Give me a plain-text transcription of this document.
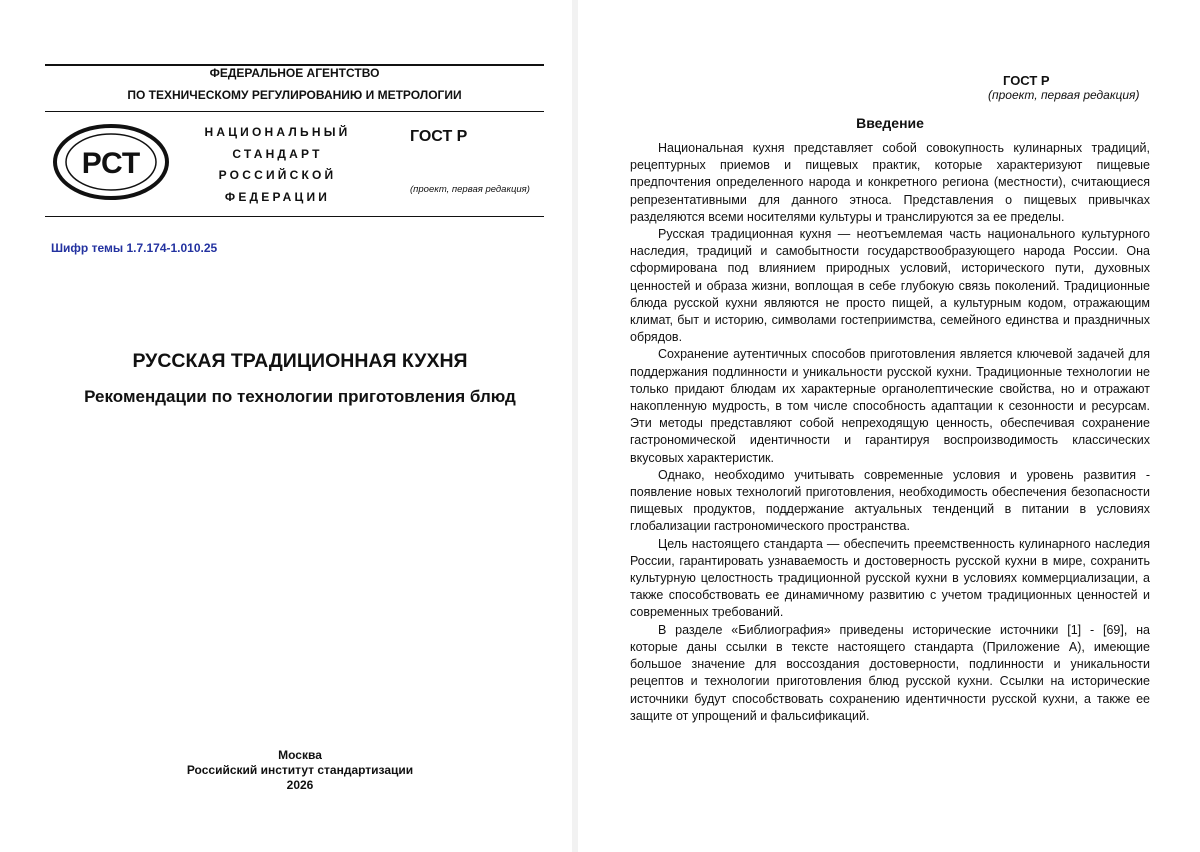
ФЕДЕРАЛЬНОЕ АГЕНТСТВО
ПО ТЕХНИЧЕСКОМУ РЕГУЛИРОВАНИЮ И МЕТРОЛОГИИ
РСТ
НАЦИОНАЛЬНЫЙ
СТАНДАРТ
РОССИЙСКОЙ
ФЕДЕРАЦИИ
ГОСТ Р
(проект, первая редакция)
Шифр темы 1.7.174-1.010.25
РУССКАЯ ТРАДИЦИОННАЯ КУХНЯ
Рекомендации по технологии приготовления блюд
Москва
Российский институт стандартизации
2026
ГОСТ Р
(проект, первая редакция)
Введение

Национальная кухня представляет собой совокупность кулинарных традиций, рецептурных приемов и пищевых практик, которые характеризуют пищевые предпочтения определенного народа и конкретного региона (местности), считающиеся репрезентативными для данного этноса. Представления о пищевых привычках разделяются всеми носителями культуры и транслируются за ее пределы.

Русская традиционная кухня — неотъемлемая часть национального культурного наследия, традиций и самобытности государствообразующего народа России. Она сформирована под влиянием природных условий, исторического пути, духовных ценностей и образа жизни, воплощая в себе глубокую связь поколений. Традиционные блюда русской кухни являются не просто пищей, а культурным кодом, отражающим климат, быт и историю, символами гостеприимства, семейного единства и праздничных обрядов.

Сохранение аутентичных способов приготовления является ключевой задачей для поддержания подлинности и уникальности русской кухни. Традиционные технологии не только придают блюдам их характерные органолептические свойства, но и отражают накопленную мудрость, в том числе способность адаптации к сезонности и ресурсам. Эти методы представляют собой непреходящую ценность, обеспечивая сохранение гастрономической идентичности и гарантируя воспроизводимость классических вкусовых характеристик.

Однако, необходимо учитывать современные условия и уровень развития - появление новых технологий приготовления, необходимость обеспечения безопасности пищевых продуктов, поддержание актуальных тенденций в питании в условиях глобализации гастрономического пространства.

Цель настоящего стандарта — обеспечить преемственность кулинарного наследия России, гарантировать узнаваемость и достоверность русской кухни в мире, сохранить культурную целостность традиционной русской кухни в условиях коммерциализации, а также способствовать ее динамичному развитию с учетом традиционных ценностей и современных требований.

В разделе «Библиография» приведены исторические источники [1] - [69], на которые даны ссылки в тексте настоящего стандарта (Приложение А), имеющие большое значение для воссоздания достоверности, подлинности и уникальности рецептов и технологии приготовления блюд русской кухни. Ссылки на исторические источники будут способствовать сохранению идентичности русской кухни, а также ее защите от упрощений и фальсификаций.
